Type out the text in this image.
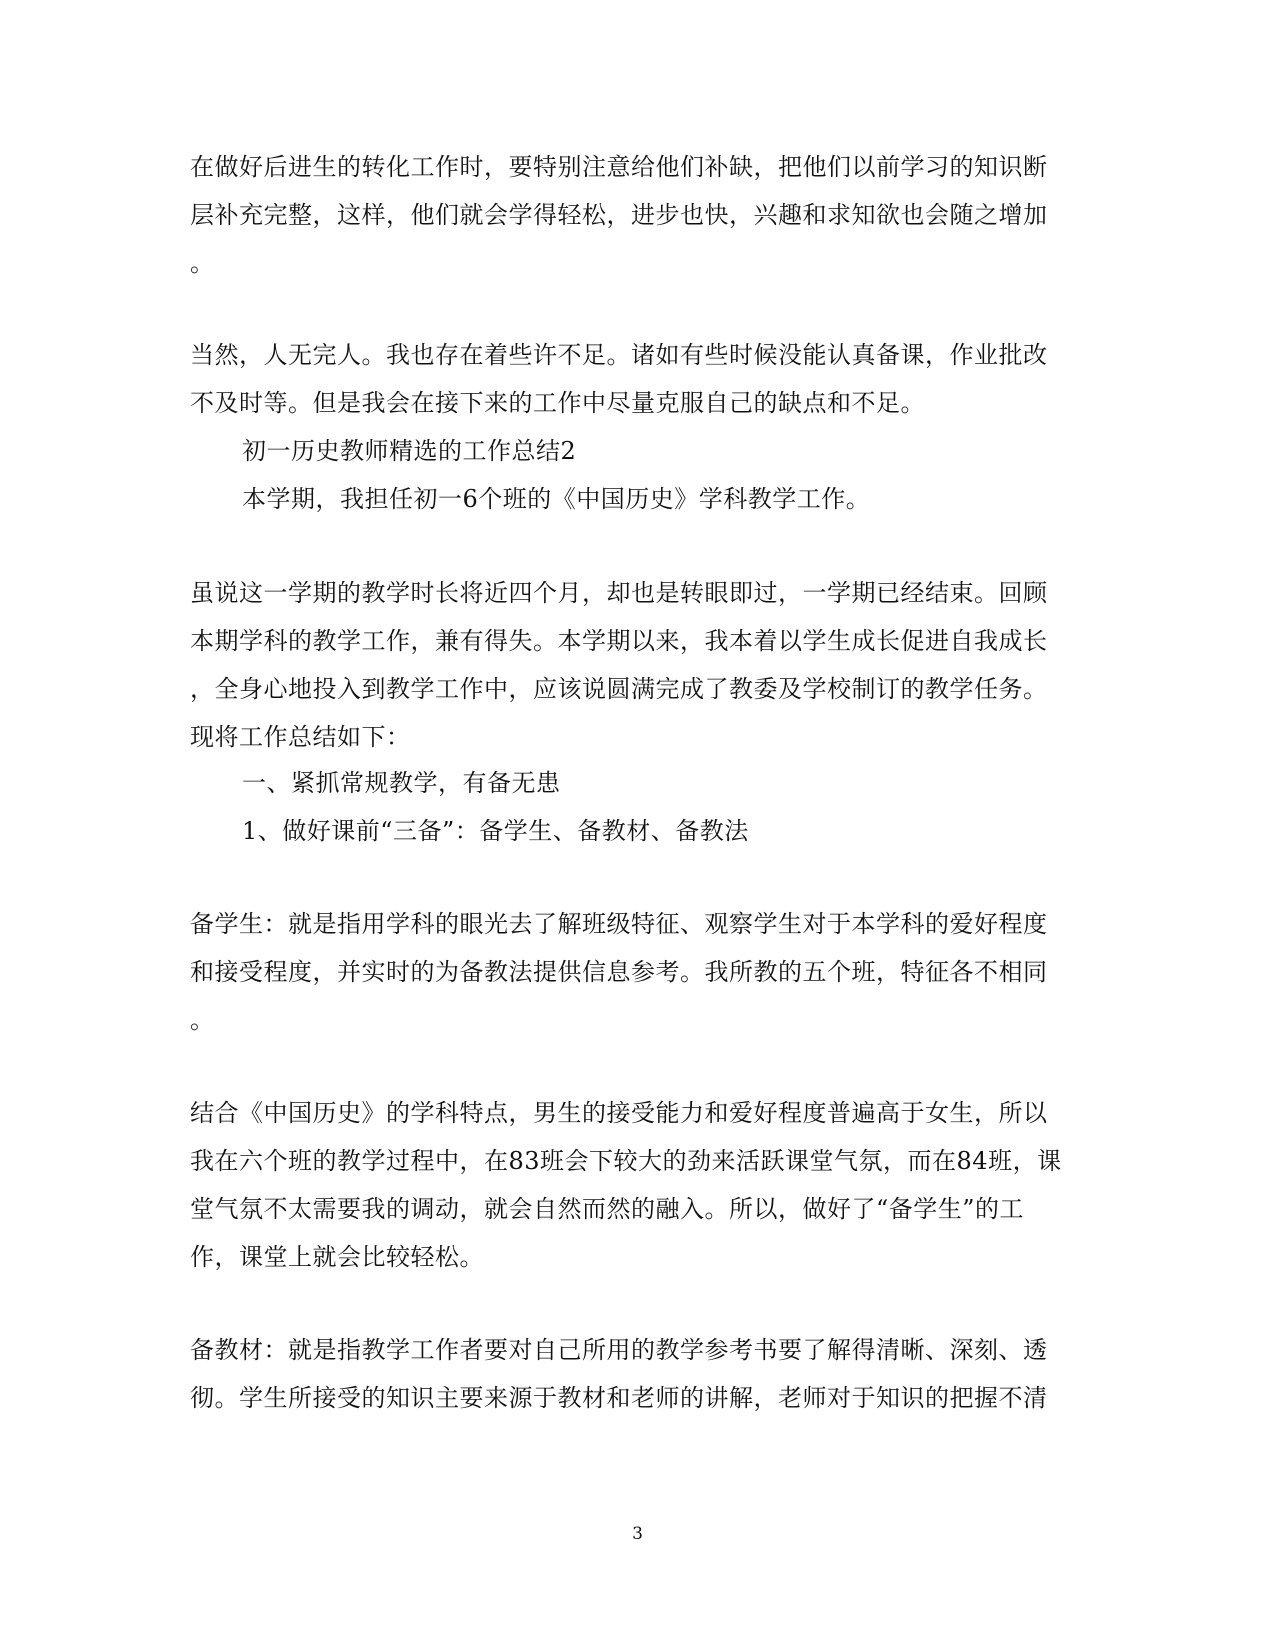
在做好后进生的转化工作时，要特别注意给他们补缺，把他们以前学习的知识断
层补充完整，这样，他们就会学得轻松，进步也快，兴趣和求知欲也会随之增加
。
当然，人无完人。我也存在着些许不足。诸如有些时候没能认真备课，作业批改
不及时等。但是我会在接下来的工作中尽量克服自己的缺点和不足。
初一历史教师精选的工作总结2
本学期，我担任初一6个班的《中国历史》学科教学工作。
虽说这一学期的教学时长将近四个月，却也是转眼即过，一学期已经结束。回顾
本期学科的教学工作，兼有得失。本学期以来，我本着以学生成长促进自我成长
，全身心地投入到教学工作中，应该说圆满完成了教委及学校制订的教学任务。
现将工作总结如下：
一、紧抓常规教学，有备无患
1、做好课前“三备”：备学生、备教材、备教法
备学生：就是指用学科的眼光去了解班级特征、观察学生对于本学科的爱好程度
和接受程度，并实时的为备教法提供信息参考。我所教的五个班，特征各不相同
。
结合《中国历史》的学科特点，男生的接受能力和爱好程度普遍高于女生，所以
我在六个班的教学过程中，在83班会下较大的劲来活跃课堂气氛，而在84班，课
堂气氛不太需要我的调动，就会自然而然的融入。所以，做好了“备学生”的工
作，课堂上就会比较轻松。
备教材：就是指教学工作者要对自己所用的教学参考书要了解得清晰、深刻、透
彻。学生所接受的知识主要来源于教材和老师的讲解，老师对于知识的把握不清
3
